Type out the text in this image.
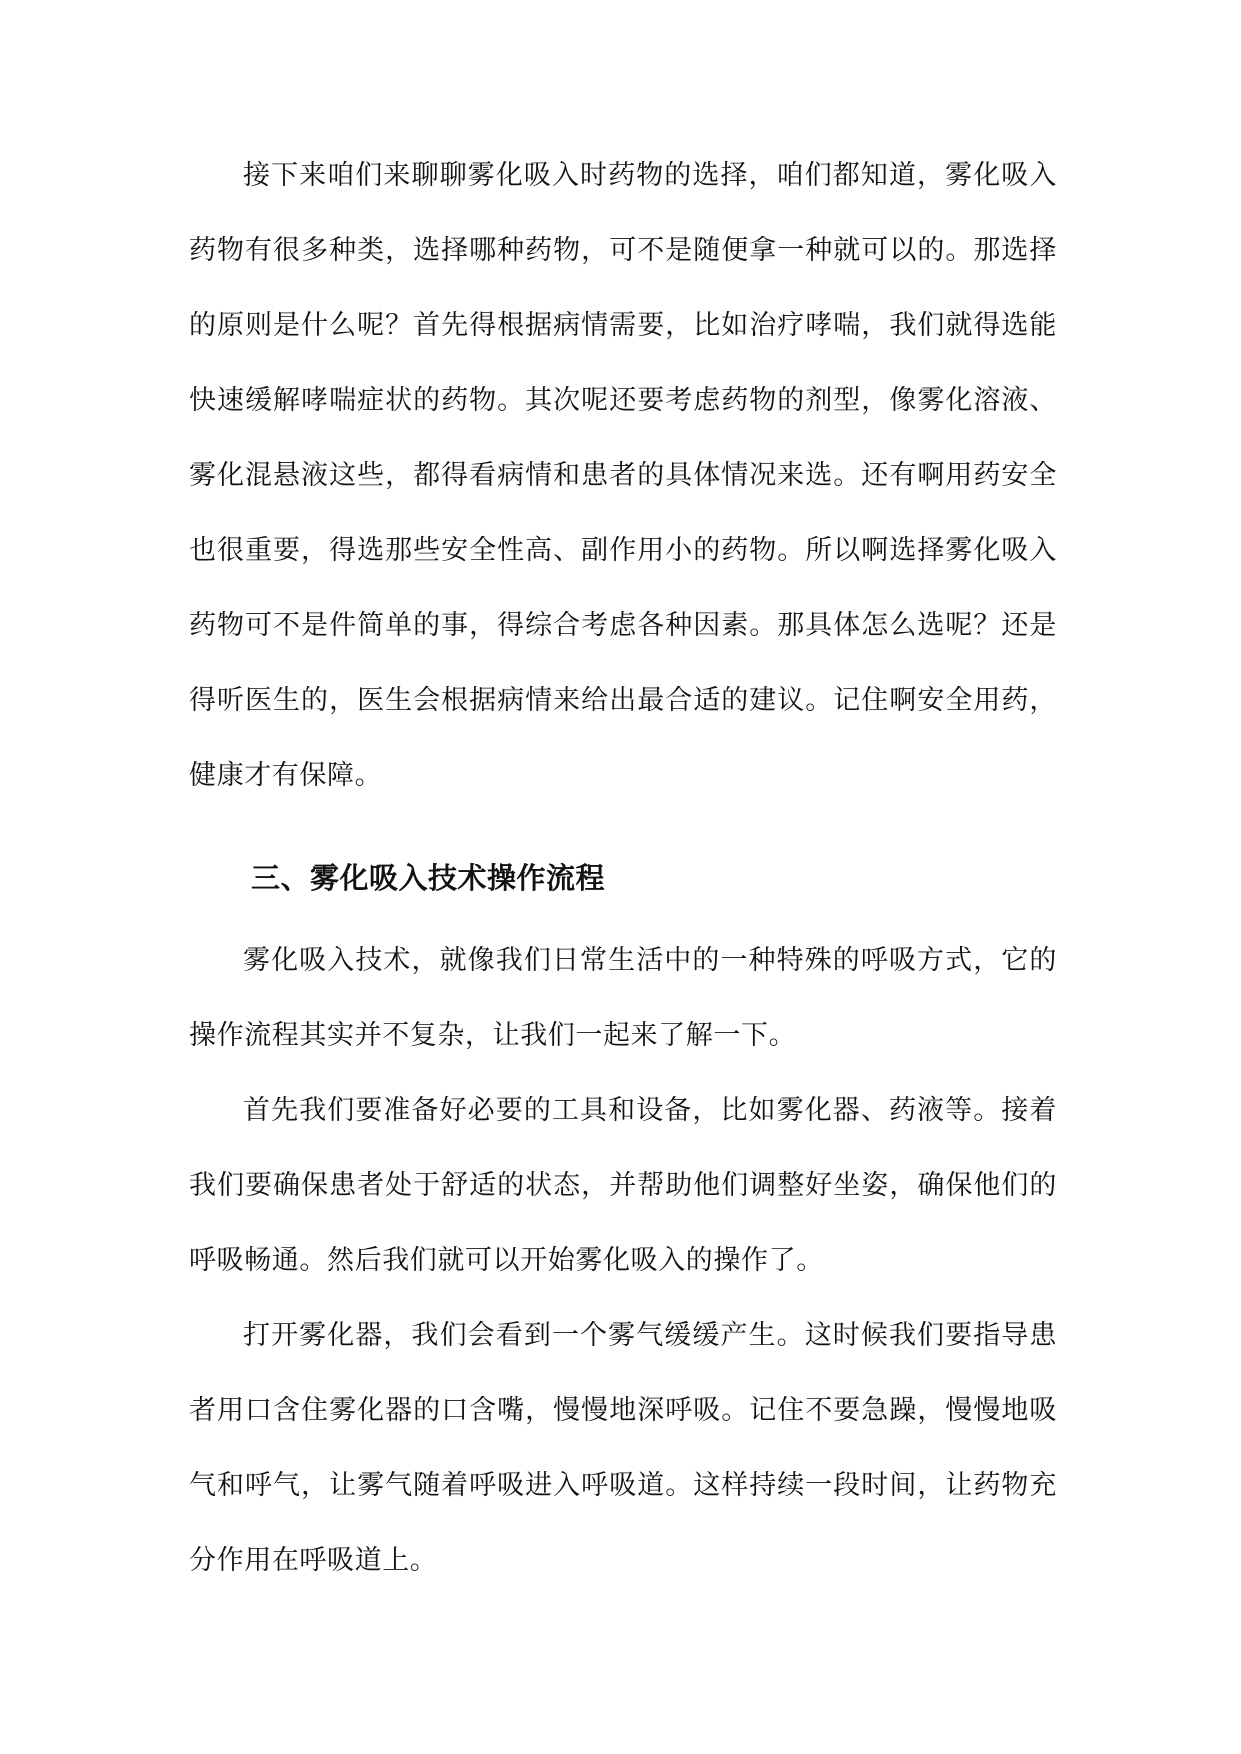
接下来咱们来聊聊雾化吸入时药物的选择，咱们都知道，雾化吸入药物有很多种类，选择哪种药物，可不是随便拿一种就可以的。那选择的原则是什么呢？首先得根据病情需要，比如治疗哮喘，我们就得选能快速缓解哮喘症状的药物。其次呢还要考虑药物的剂型，像雾化溶液、雾化混悬液这些，都得看病情和患者的具体情况来选。还有啊用药安全也很重要，得选那些安全性高、副作用小的药物。所以啊选择雾化吸入药物可不是件简单的事，得综合考虑各种因素。那具体怎么选呢？还是得听医生的，医生会根据病情来给出最合适的建议。记住啊安全用药，健康才有保障。

三、雾化吸入技术操作流程

雾化吸入技术，就像我们日常生活中的一种特殊的呼吸方式，它的操作流程其实并不复杂，让我们一起来了解一下。

首先我们要准备好必要的工具和设备，比如雾化器、药液等。接着我们要确保患者处于舒适的状态，并帮助他们调整好坐姿，确保他们的呼吸畅通。然后我们就可以开始雾化吸入的操作了。

打开雾化器，我们会看到一个雾气缓缓产生。这时候我们要指导患者用口含住雾化器的口含嘴，慢慢地深呼吸。记住不要急躁，慢慢地吸气和呼气，让雾气随着呼吸进入呼吸道。这样持续一段时间，让药物充分作用在呼吸道上。
